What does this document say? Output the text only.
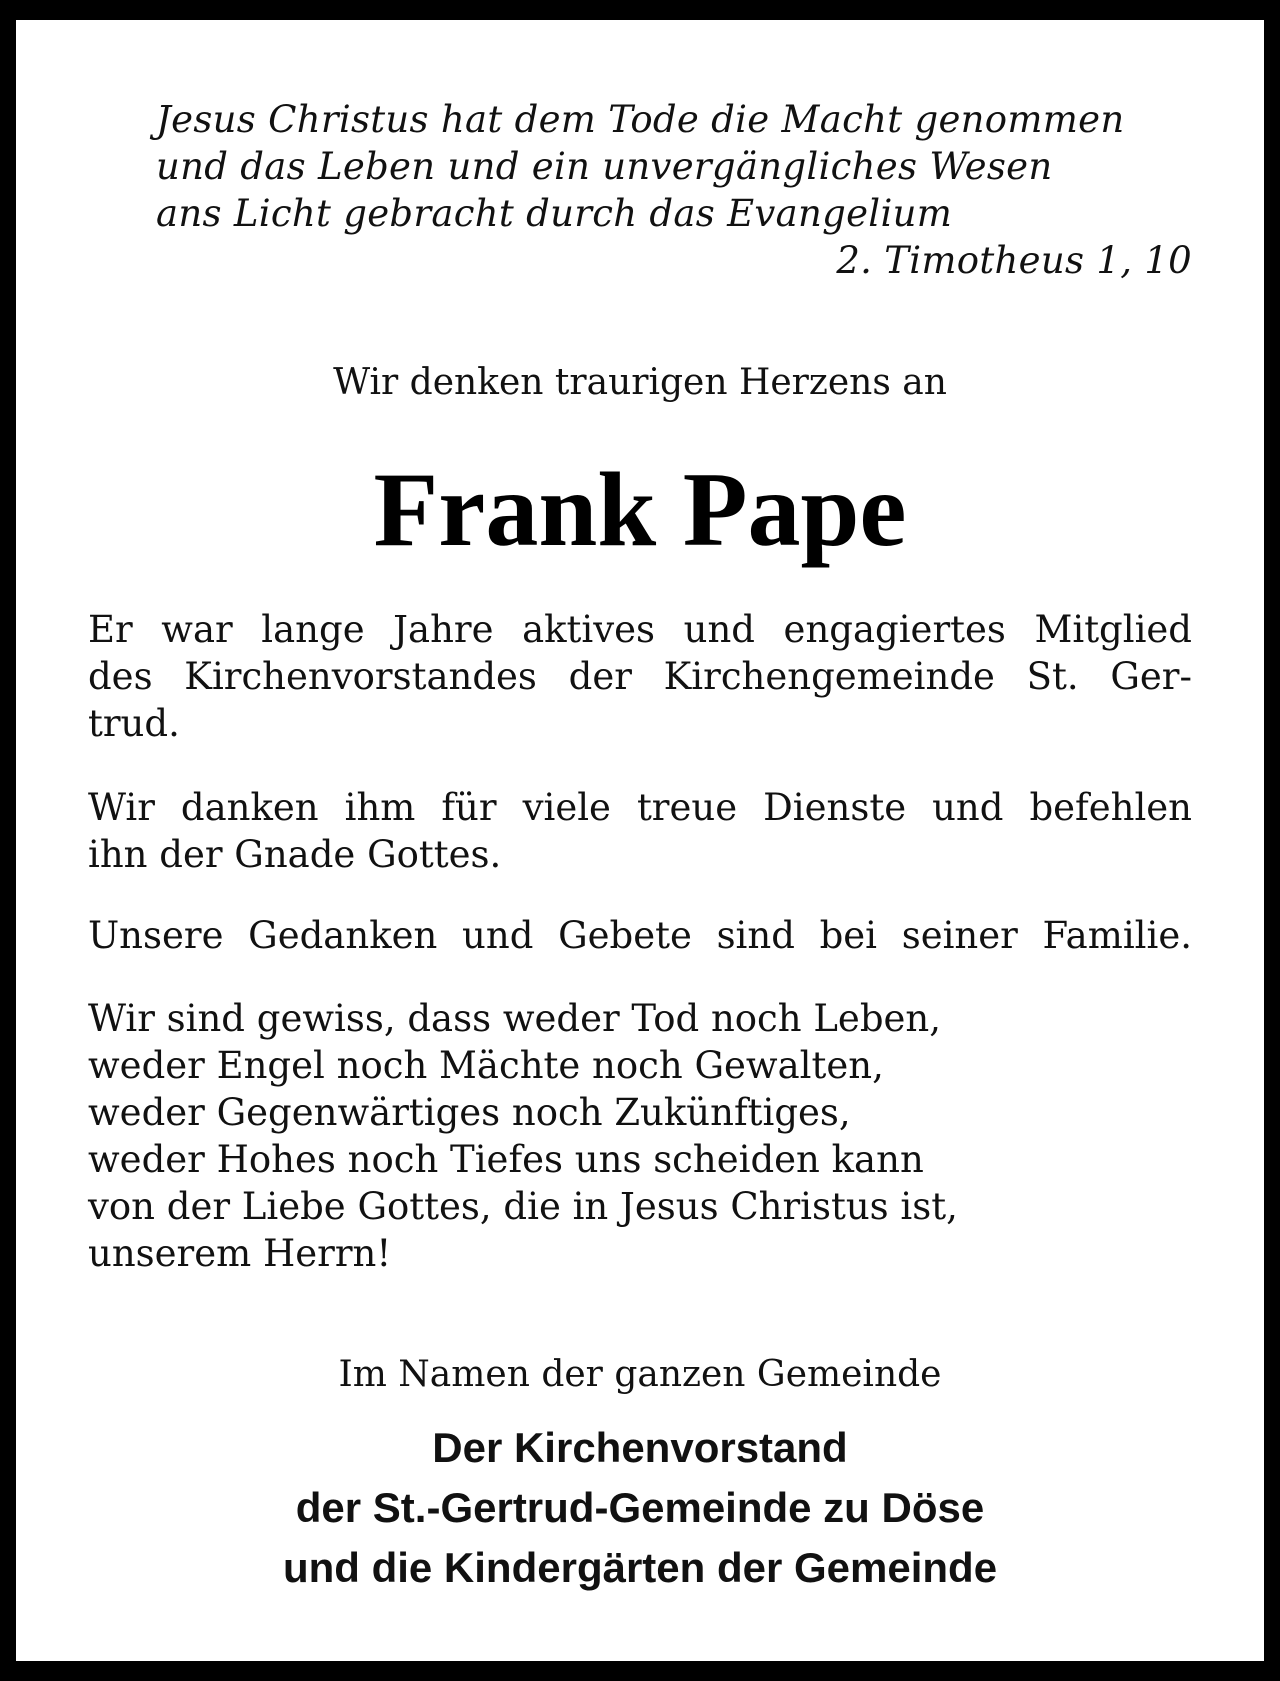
Jesus Christus hat dem Tode die Macht genommen
und das Leben und ein unvergängliches Wesen
ans Licht gebracht durch das Evangelium
2. Timotheus 1, 10
Wir denken traurigen Herzens an
Frank Pape
Er war lange Jahre aktives und engagiertes Mitglied
des Kirchenvorstandes der Kirchengemeinde St. Ger-
trud.
Wir danken ihm für viele treue Dienste und befehlen
ihn der Gnade Gottes.
Unsere Gedanken und Gebete sind bei seiner Familie.
Wir sind gewiss, dass weder Tod noch Leben,
weder Engel noch Mächte noch Gewalten,
weder Gegenwärtiges noch Zukünftiges,
weder Hohes noch Tiefes uns scheiden kann
von der Liebe Gottes, die in Jesus Christus ist,
unserem Herrn!
Im Namen der ganzen Gemeinde
Der Kirchenvorstand
der St.-Gertrud-Gemeinde zu Döse
und die Kindergärten der Gemeinde
